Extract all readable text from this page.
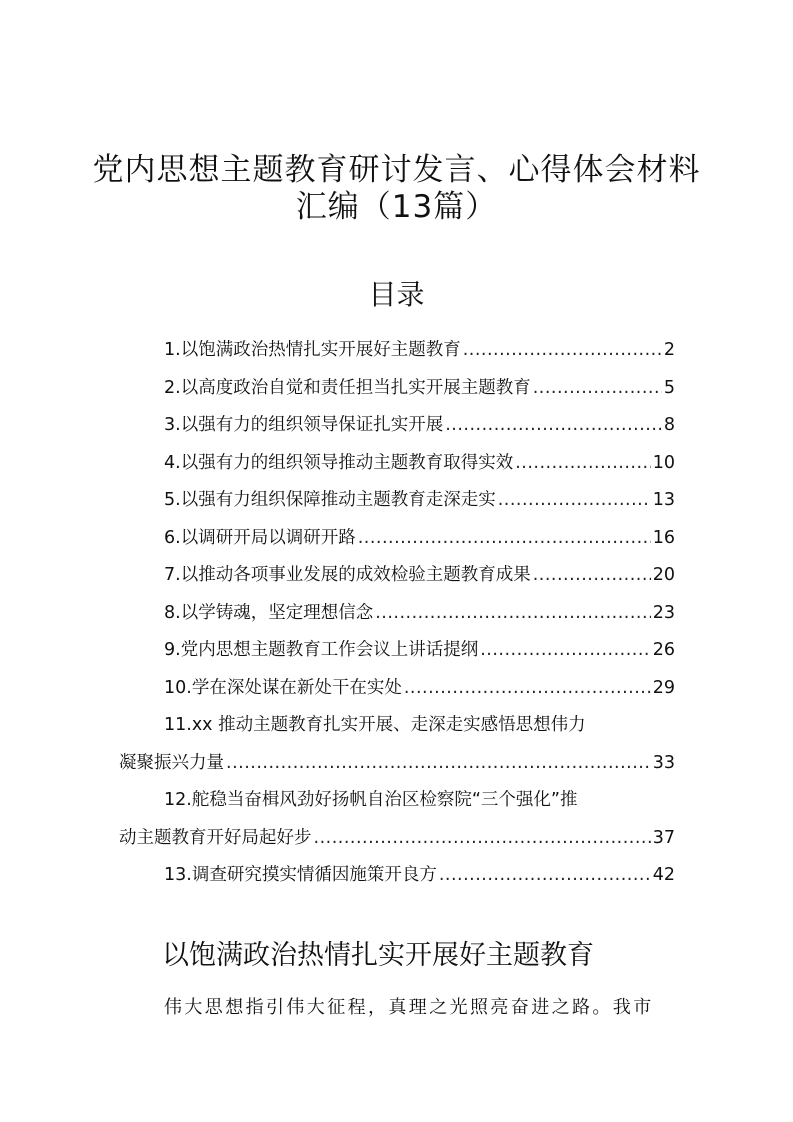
党内思想主题教育研讨发言、心得体会材料
汇编（13篇）
目录
1.以饱满政治热情扎实开展好主题教育 .....	2
2.以高度政治自觉和责任担当扎实开展主题教育 .....	5
3.以强有力的组织领导保证扎实开展 .....	8
4.以强有力的组织领导推动主题教育取得实效 .....	10
5.以强有力组织保障推动主题教育走深走实 .....	13
6.以调研开局以调研开路 .....	16
7.以推动各项事业发展的成效检验主题教育成果 .....	20
8.以学铸魂，坚定理想信念 .....	23
9.党内思想主题教育工作会议上讲话提纲 .....	26
10.学在深处谋在新处干在实处 .....	29
11.xx 推动主题教育扎实开展、走深走实感悟思想伟力
凝聚振兴力量 .....	33
12.舵稳当奋楫风劲好扬帆自治区检察院“三个强化”推
动主题教育开好局起好步 .....	37
13.调查研究摸实情循因施策开良方 .....	42
以饱满政治热情扎实开展好主题教育

伟大思想指引伟大征程，真理之光照亮奋进之路。我市
